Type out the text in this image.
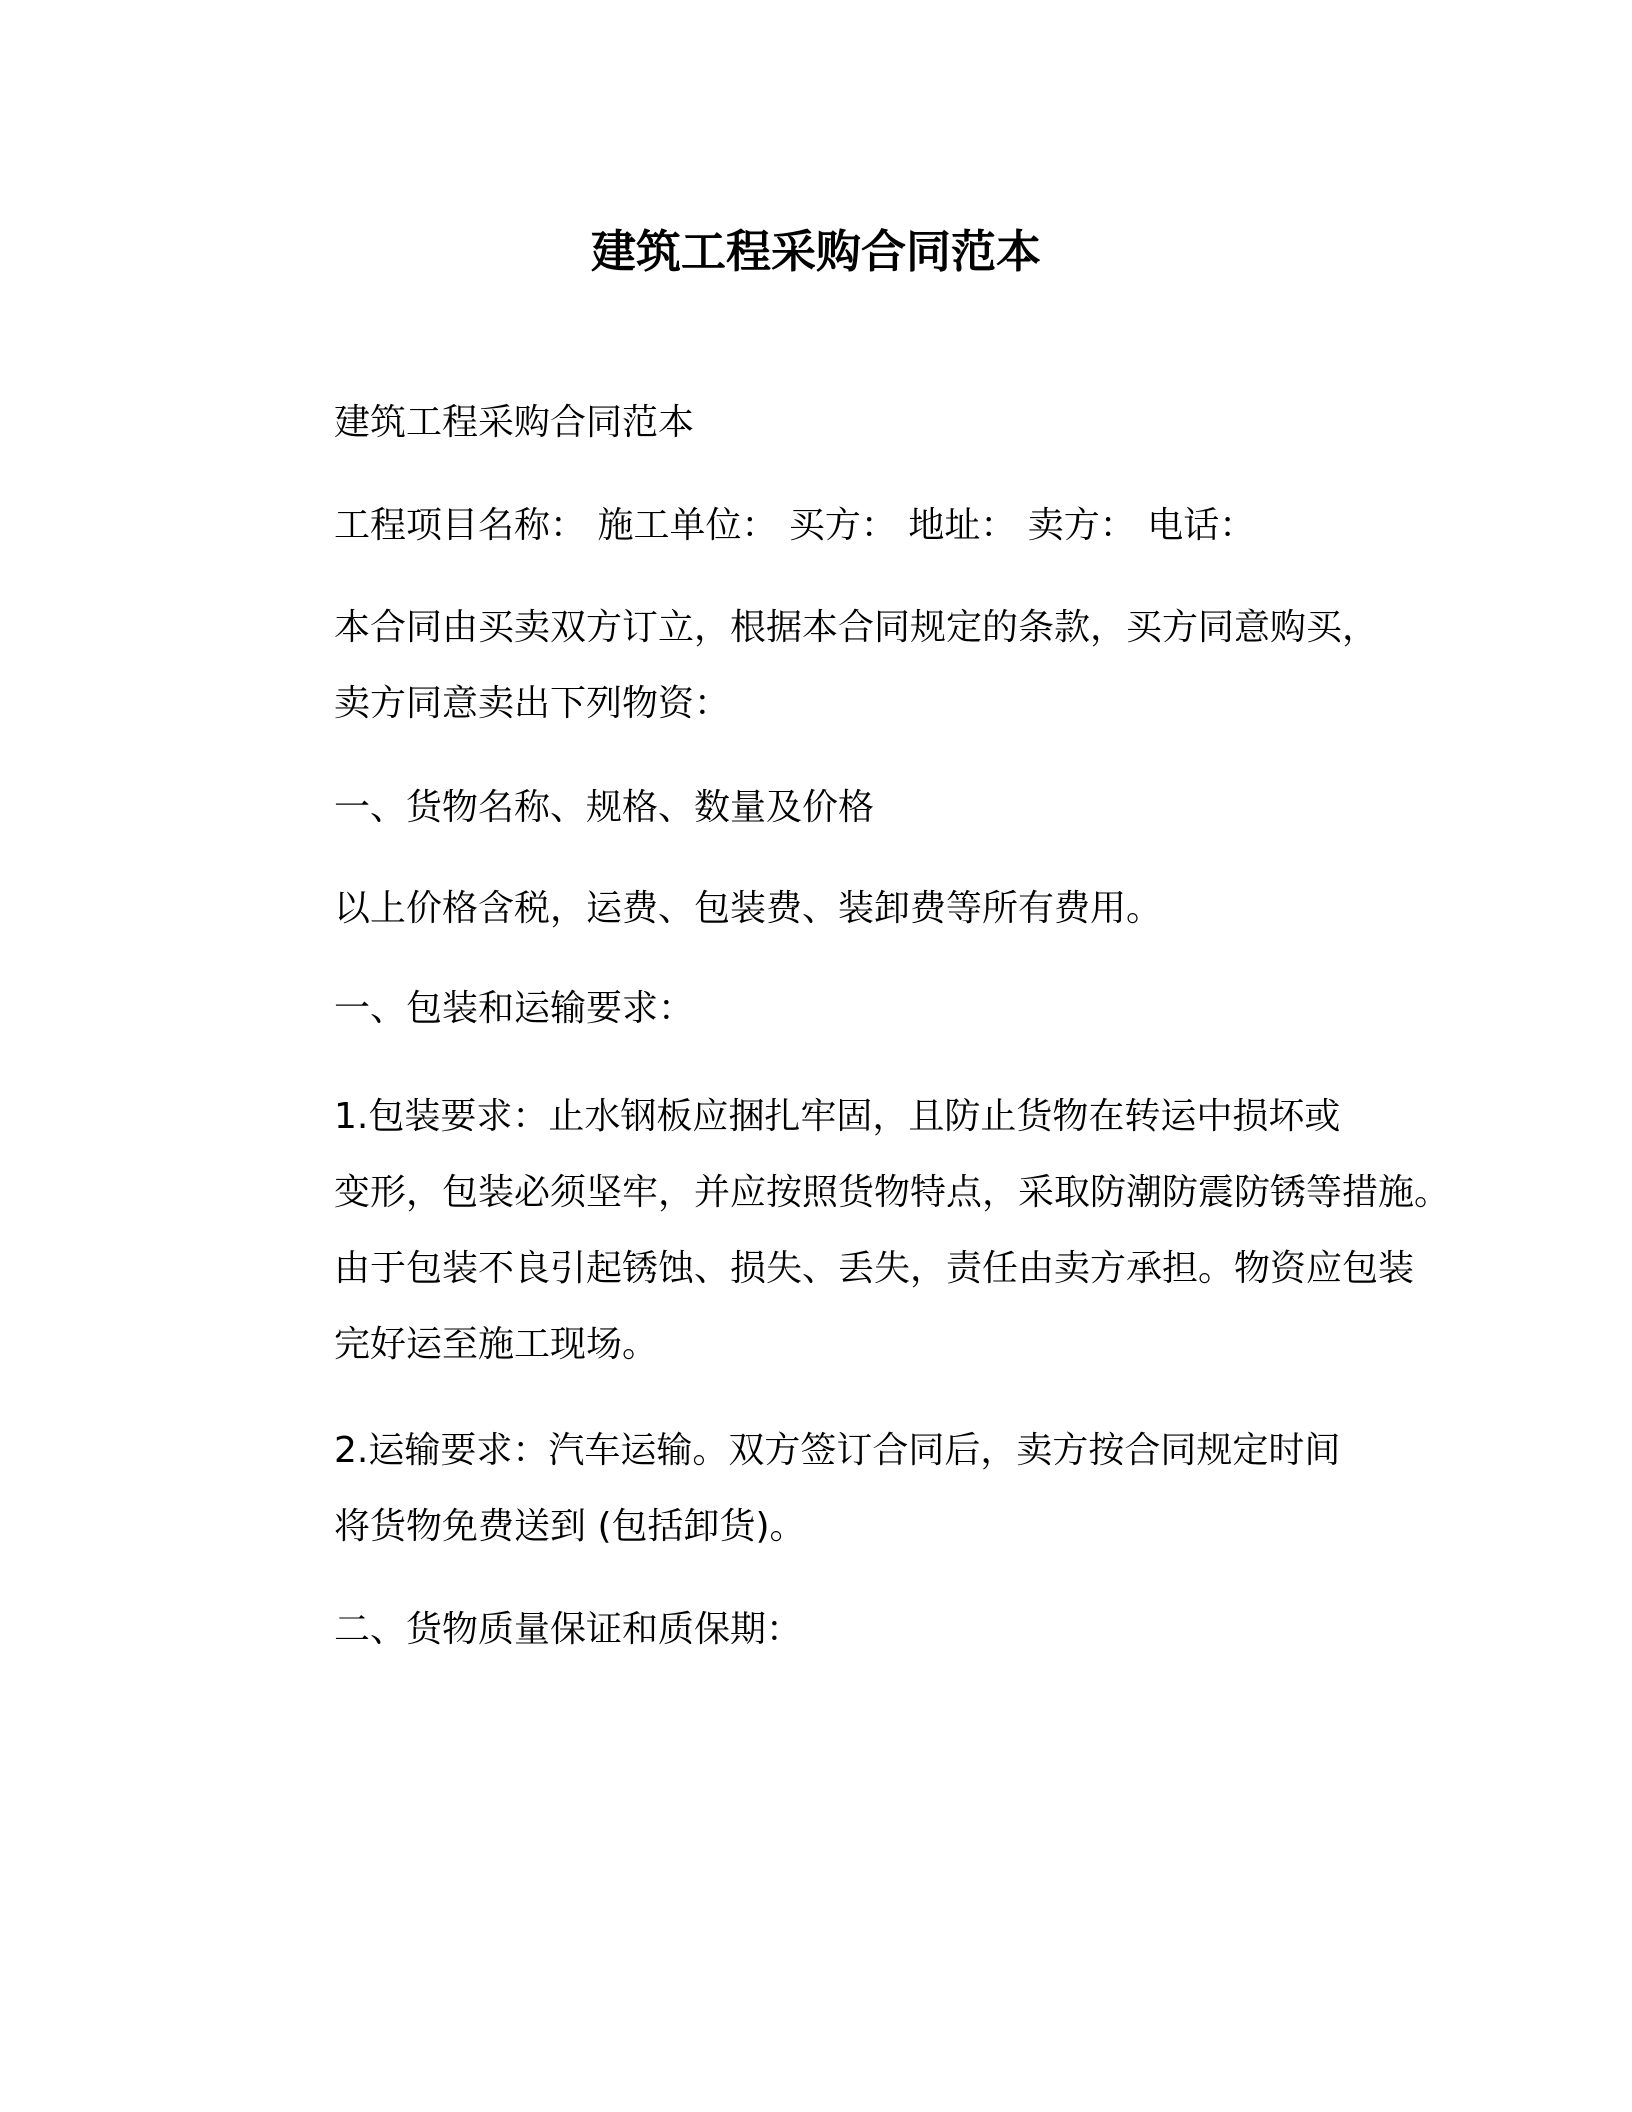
建筑工程采购合同范本

建筑工程采购合同范本

工程项目名称： 施工单位： 买方： 地址： 卖方： 电话：

本合同由买卖双方订立，根据本合同规定的条款，买方同意购买，
卖方同意卖出下列物资：

一、货物名称、规格、数量及价格

以上价格含税，运费、包装费、装卸费等所有费用。

一、包装和运输要求：

1.包装要求：止水钢板应捆扎牢固，且防止货物在转运中损坏或
变形，包装必须坚牢，并应按照货物特点，采取防潮防震防锈等措施。
由于包装不良引起锈蚀、损失、丢失，责任由卖方承担。物资应包装
完好运至施工现场。

2.运输要求：汽车运输。双方签订合同后，卖方按合同规定时间
将货物免费送到 (包括卸货)。

二、货物质量保证和质保期：
